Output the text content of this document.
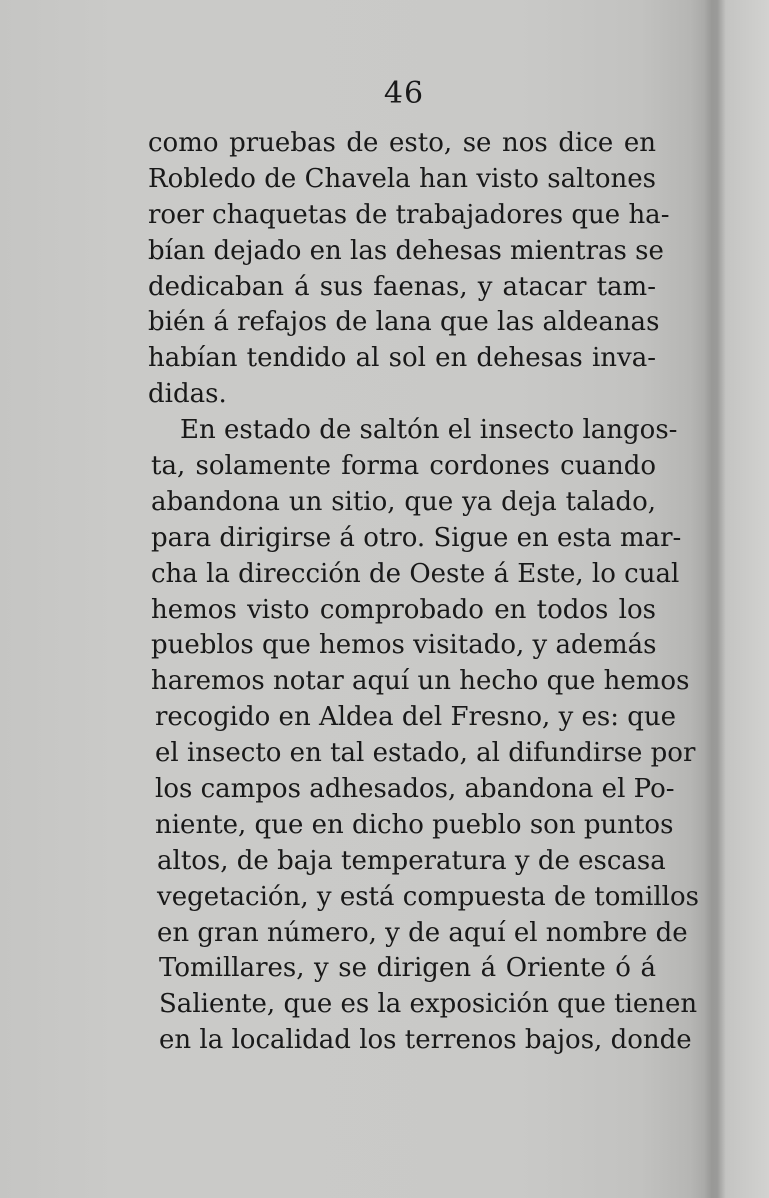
46
como pruebas de esto, se nos dice en
Robledo de Chavela han visto saltones
roer chaquetas de trabajadores que ha-
bían dejado en las dehesas mientras se
dedicaban á sus faenas, y atacar tam-
bién á refajos de lana que las aldeanas
habían tendido al sol en dehesas inva-
didas.
En estado de saltón el insecto langos-
ta, solamente forma cordones cuando
abandona un sitio, que ya deja talado,
para dirigirse á otro. Sigue en esta mar-
cha la dirección de Oeste á Este, lo cual
hemos visto comprobado en todos los
pueblos que hemos visitado, y además
haremos notar aquí un hecho que hemos
recogido en Aldea del Fresno, y es: que
el insecto en tal estado, al difundirse por
los campos adhesados, abandona el Po-
niente, que en dicho pueblo son puntos
altos, de baja temperatura y de escasa
vegetación, y está compuesta de tomillos
en gran número, y de aquí el nombre de
Tomillares, y se dirigen á Oriente ó á
Saliente, que es la exposición que tienen
en la localidad los terrenos bajos, donde
